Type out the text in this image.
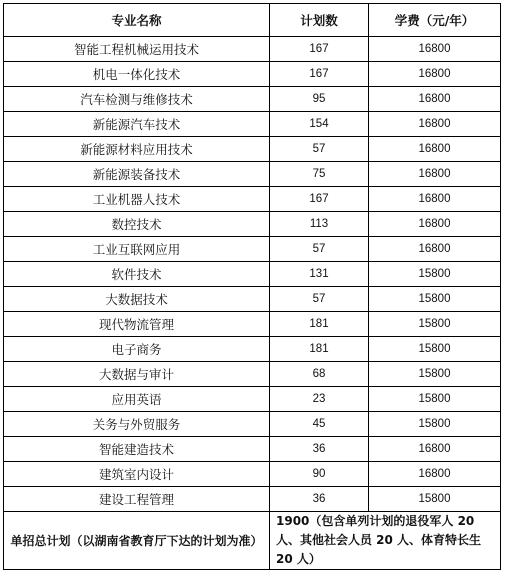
专业名称	计划数	学费（元/年）
智能工程机械运用技术	167	16800
机电一体化技术	167	16800
汽车检测与维修技术	95	16800
新能源汽车技术	154	16800
新能源材料应用技术	57	16800
新能源装备技术	75	16800
工业机器人技术	167	16800
数控技术	113	16800
工业互联网应用	57	16800
软件技术	131	15800
大数据技术	57	15800
现代物流管理	181	15800
电子商务	181	15800
大数据与审计	68	15800
应用英语	23	15800
关务与外贸服务	45	15800
智能建造技术	36	16800
建筑室内设计	90	16800
建设工程管理	36	15800
单招总计划（以湖南省教育厅下达的计划为准）	1900（包含单列计划的退役军人 20 人、其他社会人员 20 人、体育特长生 20 人）	
